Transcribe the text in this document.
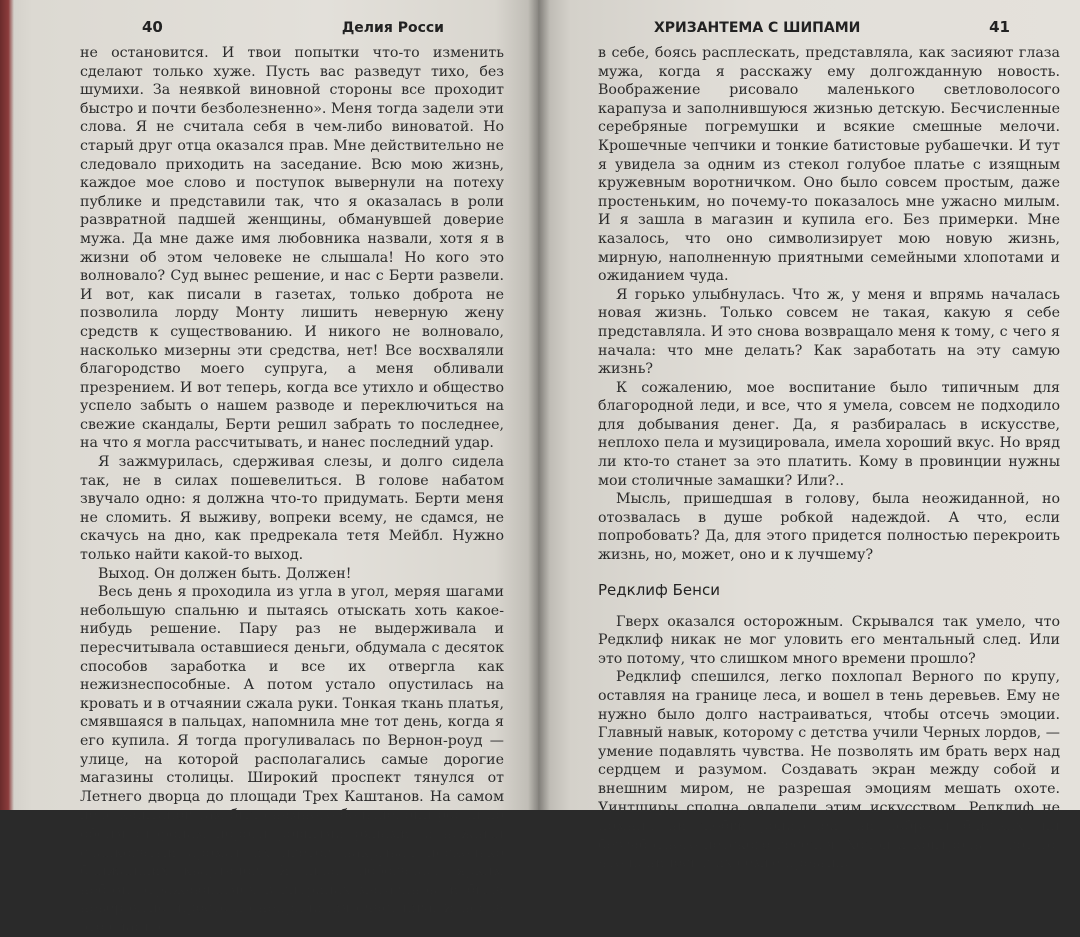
40	Делия Росси

не остановится. И твои попытки что-то изменить сделают только хуже. Пусть вас разведут тихо, без шумихи. За неявкой виновной стороны все проходит быстро и почти безболезненно». Меня тогда задели эти слова. Я не считала себя в чем-либо виноватой. Но старый друг отца оказался прав. Мне действительно не следовало приходить на заседание. Всю мою жизнь, каждое мое слово и поступок вывернули на потеху публике и представили так, что я оказалась в роли развратной падшей женщины, обманувшей доверие мужа. Да мне даже имя любовника назвали, хотя я в жизни об этом человеке не слышала! Но кого это волновало? Суд вынес решение, и нас с Берти развели. И вот, как писали в газетах, только доброта не позволила лорду Монту лишить неверную жену средств к существованию. И никого не волновало, насколько мизерны эти средства, нет! Все восхваляли благородство моего супруга, а меня обливали презрением. И вот теперь, когда все утихло и общество успело забыть о нашем разводе и переключиться на свежие скандалы, Берти решил забрать то последнее, на что я могла рассчитывать, и нанес последний удар.

Я зажмурилась, сдерживая слезы, и долго сидела так, не в силах пошевелиться. В голове набатом звучало одно: я должна что-то придумать. Берти меня не сломить. Я выживу, вопреки всему, не сдамся, не скачусь на дно, как предрекала тетя Мейбл. Нужно только найти какой-то выход.

Выход. Он должен быть. Должен!

Весь день я проходила из угла в угол, меряя шагами небольшую спальню и пытаясь отыскать хоть какое-нибудь решение. Пару раз не выдерживала и пересчитывала оставшиеся деньги, обдумала с десяток способов заработка и все их отвергла как нежизнеспособные. А потом устало опустилась на кровать и в отчаянии сжала руки. Тонкая ткань платья, смявшаяся в пальцах, напомнила мне тот день, когда я его купила. Я тогда прогуливалась по Вернон-роуд — улице, на которой располагались самые дорогие магазины столицы. Широкий проспект тянулся от Летнего дворца до площади Трех Каштанов. На самом деле каштанов там было намного больше, они росли по обеим сторонам дороги ровными рядами, и нежный сладковатый аромат их цветов накрывал несколько ближайших кварталов. Я шла, любовалась ярким небом, отражающимся в витринах магазинов, и была невероятно, просто до неприличия счастлива. Я несла это счастье

ХРИЗАНТЕМА С ШИПАМИ	41

в себе, боясь расплескать, представляла, как засияют глаза мужа, когда я расскажу ему долгожданную новость. Воображение рисовало маленького светловолосого карапуза и заполнившуюся жизнью детскую. Бесчисленные серебряные погремушки и всякие смешные мелочи. Крошечные чепчики и тонкие батистовые рубашечки. И тут я увидела за одним из стекол голубое платье с изящным кружевным воротничком. Оно было совсем простым, даже простеньким, но почему-то показалось мне ужасно милым. И я зашла в магазин и купила его. Без примерки. Мне казалось, что оно символизирует мою новую жизнь, мирную, наполненную приятными семейными хлопотами и ожиданием чуда.

Я горько улыбнулась. Что ж, у меня и впрямь началась новая жизнь. Только совсем не такая, какую я себе представляла. И это снова возвращало меня к тому, с чего я начала: что мне делать? Как заработать на эту самую жизнь?

К сожалению, мое воспитание было типичным для благородной леди, и все, что я умела, совсем не подходило для добывания денег. Да, я разбиралась в искусстве, неплохо пела и музицировала, имела хороший вкус. Но вряд ли кто-то станет за это платить. Кому в провинции нужны мои столичные замашки? Или?..

Мысль, пришедшая в голову, была неожиданной, но отозвалась в душе робкой надеждой. А что, если попробовать? Да, для этого придется полностью перекроить жизнь, но, может, оно и к лучшему?

Редклиф Бенси

Гверх оказался осторожным. Скрывался так умело, что Редклиф никак не мог уловить его ментальный след. Или это потому, что слишком много времени прошло?

Редклиф спешился, легко похлопал Верного по крупу, оставляя на границе леса, и вошел в тень деревьев. Ему не нужно было долго настраиваться, чтобы отсечь эмоции. Главный навык, которому с детства учили Черных лордов, — умение подавлять чувства. Не позволять им брать верх над сердцем и разумом. Создавать экран между собой и внешним миром, не разрешая эмоциям мешать охоте. Уинтширы сполна овладели этим искусством. Редклиф не помнил ни любви родителей, ни доброты близких, ни беззаботного детского веселья. Холод и контроль — вот то, что ценилось в их семье превыше
